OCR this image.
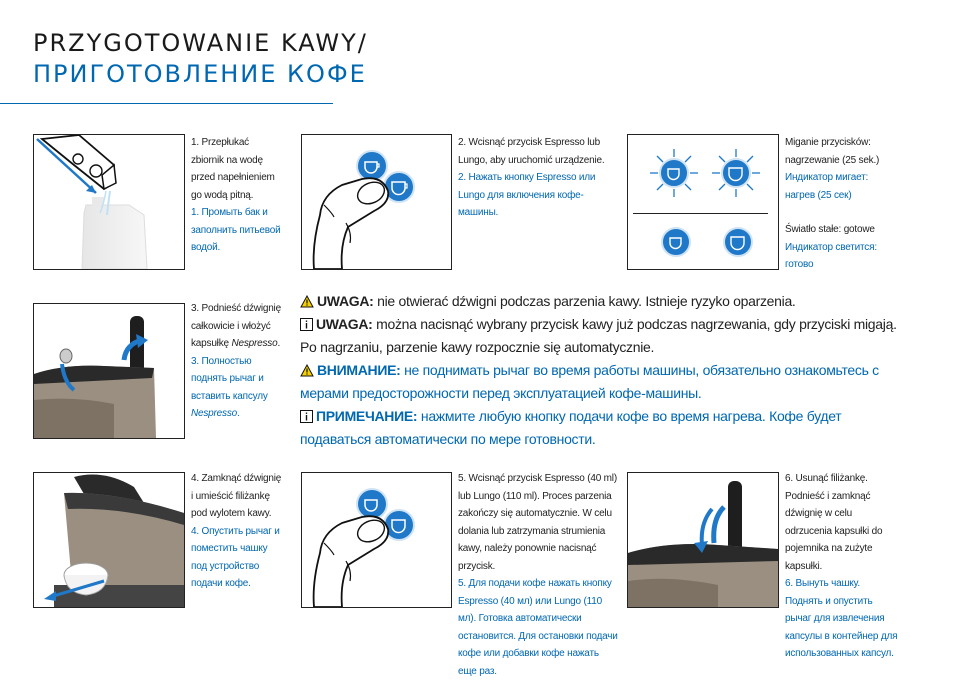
PRZYGOTOWANIE KAWY/
ПРИГОТОВЛЕНИЕ КОФЕ
1. Przepłukać zbiornik na wodę przed napełnieniem go wodą pitną.
1. Промыть бак и заполнить питьевой водой.
2. Wcisnąć przycisk Espresso lub Lungo, aby uruchomić urządzenie.
2. Нажать кнопку Espresso или Lungo для включения кофе-машины.
Miganie przycisków: nagrzewanie (25 sek.)
Индикатор мигает: нагрев (25 сек)
Światło stałe: gotowe
Индикатор светится: готово
3. Podnieść dźwignię całkowicie i włożyć kapsułkę Nespresso.
3. Полностью поднять рычаг и вставить капсулу Nespresso.

UWAGA: nie otwierać dźwigni podczas parzenia kawy. Istnieje ryzyko oparzenia.

UWAGA: można nacisnąć wybrany przycisk kawy już podczas nagrzewania, gdy przyciski migają. Po nagrzaniu, parzenie kawy rozpocznie się automatycznie.

ВНИМАНИЕ: не поднимать рычаг во время работы машины, обязательно ознакомьтесь с мерами предосторожности перед эксплуатацией кофе-машины.

ПРИМЕЧАНИЕ: нажмите любую кнопку подачи кофе во время нагрева. Кофе будет подаваться автоматически по мере готовности.

4. Zamknąć dźwignię i umieścić filiżankę pod wylotem kawy.
4. Опустить рычаг и поместить чашку под устройство подачи кофе.
5. Wcisnąć przycisk Espresso (40 ml) lub Lungo (110 ml). Proces parzenia zakończy się automatycznie. W celu dolania lub zatrzymania strumienia kawy, należy ponownie nacisnąć przycisk.
5. Для подачи кофе нажать кнопку Espresso (40 мл) или Lungo (110 мл). Готовка автоматически остановится. Для остановки подачи кофе или добавки кофе нажать еще раз.
6. Usunąć filiżankę. Podnieść i zamknąć dźwignię w celu odrzucenia kapsułki do pojemnika na zużyte kapsułki.
6. Вынуть чашку. Поднять и опустить рычаг для извлечения капсулы в контейнер для использованных капсул.
